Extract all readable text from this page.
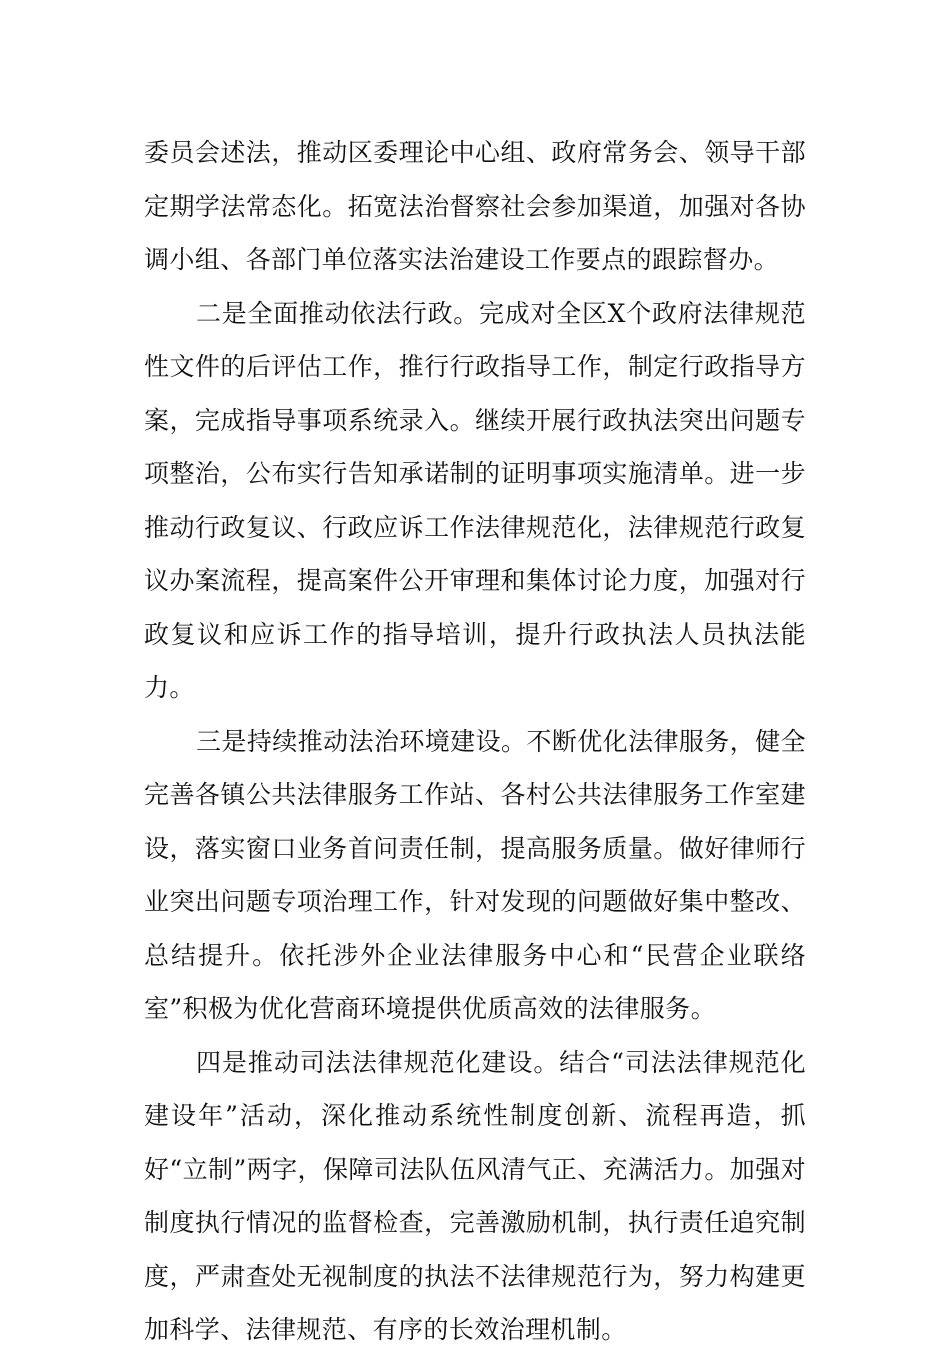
委员会述法，推动区委理论中心组、政府常务会、领导干部定期学法常态化。拓宽法治督察社会参加渠道，加强对各协调小组、各部门单位落实法治建设工作要点的跟踪督办。

二是全面推动依法行政。完成对全区X个政府法律规范性文件的后评估工作，推行行政指导工作，制定行政指导方案，完成指导事项系统录入。继续开展行政执法突出问题专项整治，公布实行告知承诺制的证明事项实施清单。进一步推动行政复议、行政应诉工作法律规范化，法律规范行政复议办案流程，提高案件公开审理和集体讨论力度，加强对行政复议和应诉工作的指导培训，提升行政执法人员执法能力。

三是持续推动法治环境建设。不断优化法律服务，健全完善各镇公共法律服务工作站、各村公共法律服务工作室建设，落实窗口业务首问责任制，提高服务质量。做好律师行业突出问题专项治理工作，针对发现的问题做好集中整改、总结提升。依托涉外企业法律服务中心和“民营企业联络室”积极为优化营商环境提供优质高效的法律服务。

四是推动司法法律规范化建设。结合“司法法律规范化建设年”活动，深化推动系统性制度创新、流程再造，抓好“立制”两字，保障司法队伍风清气正、充满活力。加强对制度执行情况的监督检查，完善激励机制，执行责任追究制度，严肃查处无视制度的执法不法律规范行为，努力构建更加科学、法律规范、有序的长效治理机制。
